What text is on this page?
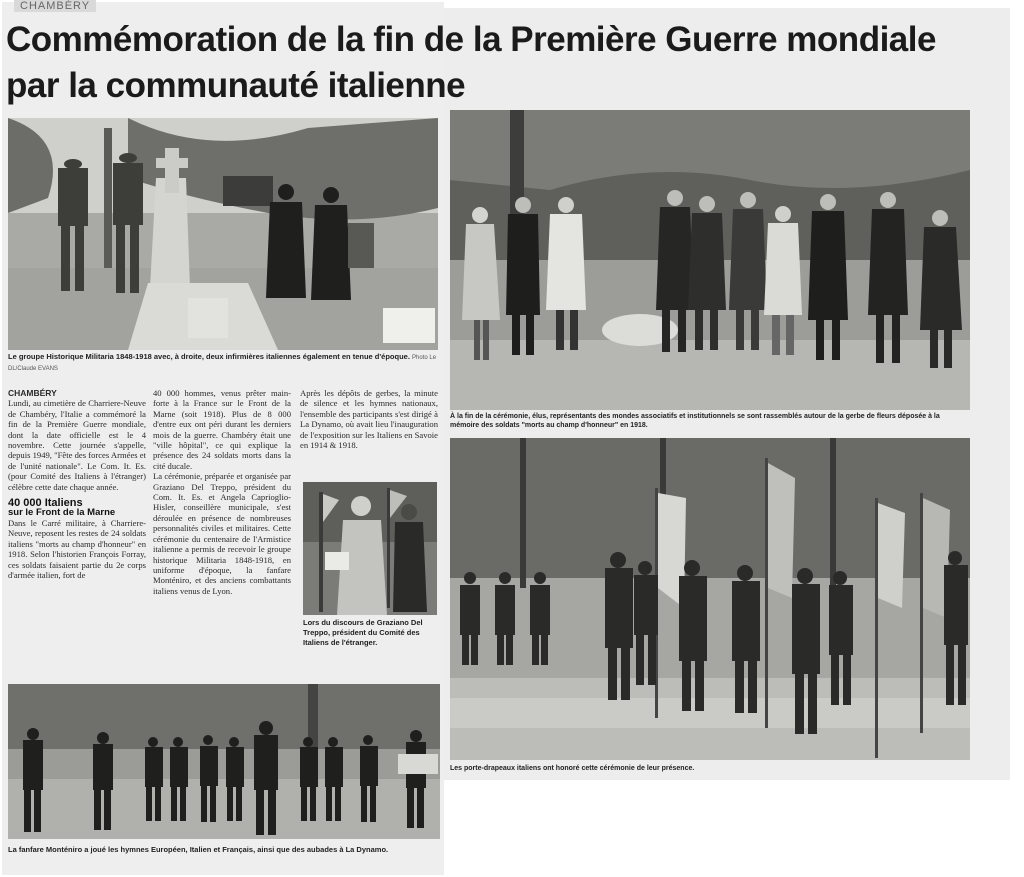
CHAMBÉRY
Commémoration de la fin de la Première Guerre mondiale
par la communauté italienne
Le groupe Historique Militaria 1848-1918 avec, à droite, deux infirmières italiennes également en tenue d'époque. Photo Le DL/Claude EVANS
CHAMBÉRY

Lundi, au cimetière de Charriere-Neuve de Chambéry, l'Italie a commémoré la fin de la Première Guerre mondiale, dont la date officielle est le 4 novembre. Cette journée s'appelle, depuis 1949, "Fête des forces Armées et de l'unité nationale". Le Com. It. Es. (pour Comité des Italiens à l'étranger) célèbre cette date chaque année.

40 000 Italiens
sur le Front de la Marne

Dans le Carré militaire, à Charriere-Neuve, reposent les restes de 24 soldats italiens "morts au champ d'honneur" en 1918. Selon l'historien François Forray, ces soldats faisaient partie du 2e corps d'armée italien, fort de

40 000 hommes, venus prêter main-forte à la France sur le Front de la Marne (soit 1918). Plus de 8 000 d'entre eux ont péri durant les derniers mois de la guerre. Chambéry était une "ville hôpital", ce qui explique la présence des 24 soldats morts dans la cité ducale.

La cérémonie, préparée et organisée par Graziano Del Treppo, président du Com. It. Es. et Angela Caprioglio-Hisler, conseillère municipale, s'est déroulée en présence de nombreuses personnalités civiles et militaires. Cette cérémonie du centenaire de l'Armistice italienne a permis de recevoir le groupe historique Militaria 1848-1918, en uniforme d'époque, la fanfare Monténiro, et des anciens combattants italiens venus de Lyon.

Après les dépôts de gerbes, la minute de silence et les hymnes nationaux, l'ensemble des participants s'est dirigé à La Dynamo, où avait lieu l'inauguration de l'exposition sur les Italiens en Savoie en 1914 & 1918.

Lors du discours de Graziano Del Treppo, président du Comité des Italiens de l'étranger.
La fanfare Monténiro a joué les hymnes Européen, Italien et Français, ainsi que des aubades à La Dynamo.
À la fin de la cérémonie, élus, représentants des mondes associatifs et institutionnels se sont rassemblés autour de la gerbe de fleurs déposée à la mémoire des soldats "morts au champ d'honneur" en 1918.
Les porte-drapeaux italiens ont honoré cette cérémonie de leur présence.
